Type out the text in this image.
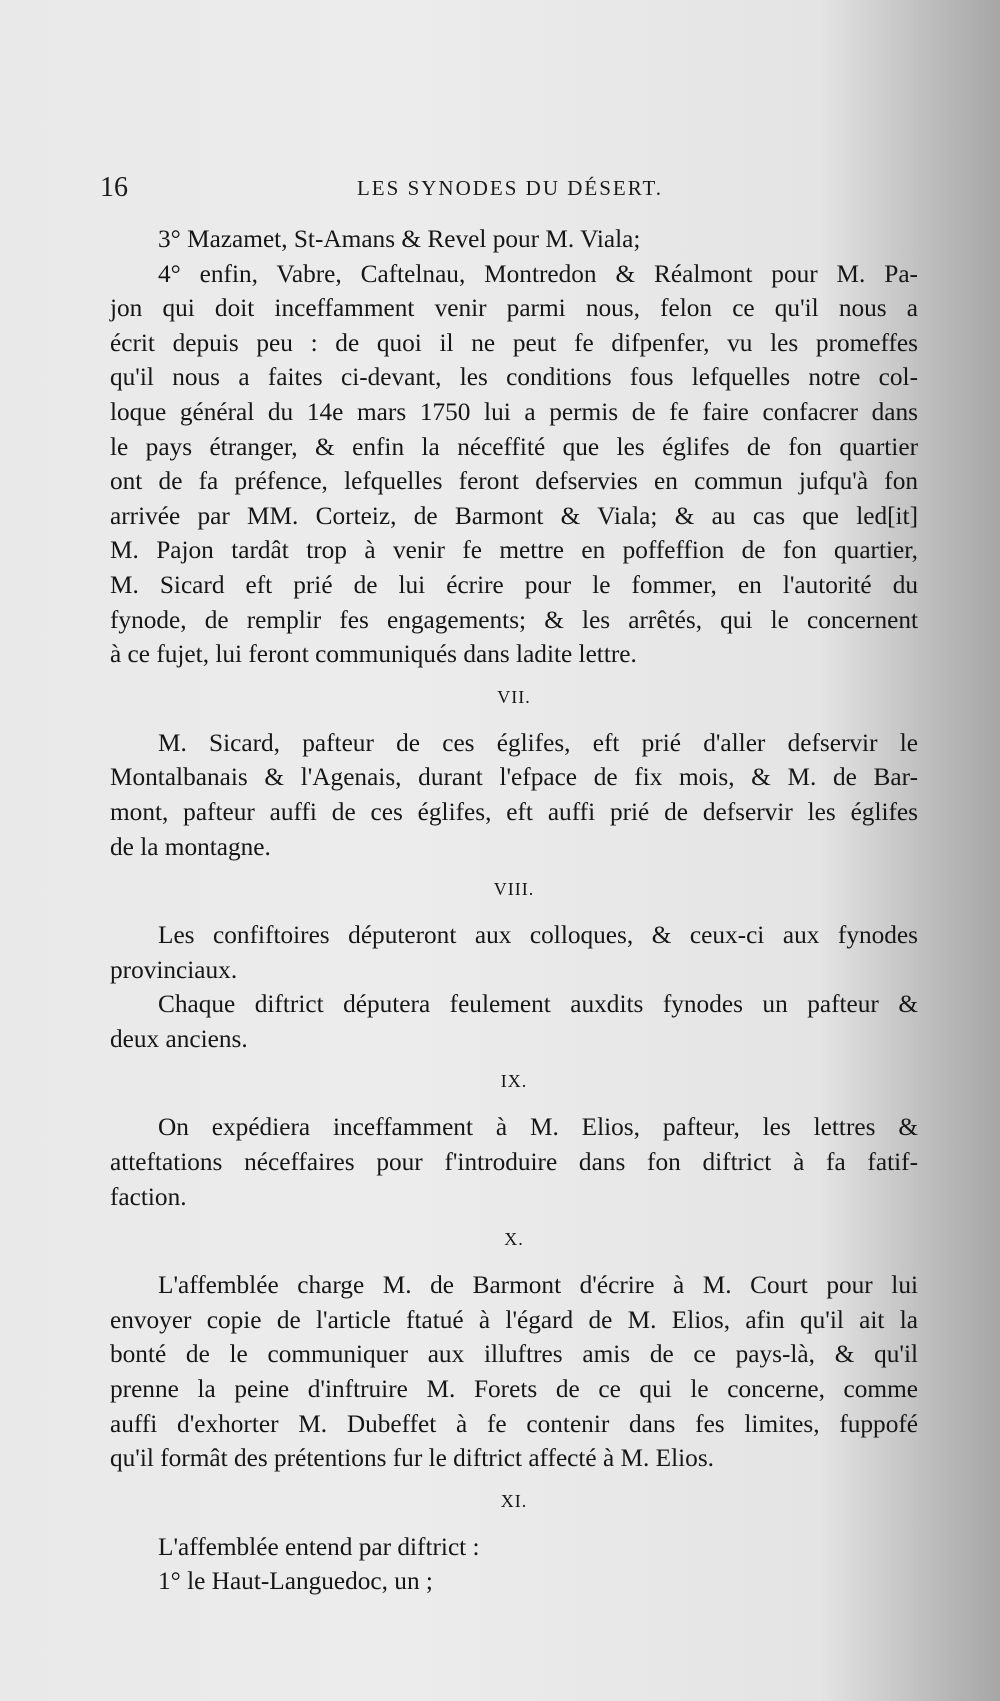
16	LES SYNODES DU DÉSERT.
3° Mazamet, St-Amans & Revel pour M. Viala;
4° enfin, Vabre, Caftelnau, Montredon & Réalmont pour M. Pa-
jon qui doit inceffamment venir parmi nous, felon ce qu'il nous a
écrit depuis peu : de quoi il ne peut fe difpenfer, vu les promeffes
qu'il nous a faites ci-devant, les conditions fous lefquelles notre col-
loque général du 14e mars 1750 lui a permis de fe faire confacrer dans
le pays étranger, & enfin la néceffité que les églifes de fon quartier
ont de fa préfence, lefquelles feront defservies en commun jufqu'à fon
arrivée par MM. Corteiz, de Barmont & Viala; & au cas que led[it]
M. Pajon tardât trop à venir fe mettre en poffeffion de fon quartier,
M. Sicard eft prié de lui écrire pour le fommer, en l'autorité du
fynode, de remplir fes engagements; & les arrêtés, qui le concernent
à ce fujet, lui feront communiqués dans ladite lettre.
VII.
M. Sicard, pafteur de ces églifes, eft prié d'aller defservir le
Montalbanais & l'Agenais, durant l'efpace de fix mois, & M. de Bar-
mont, pafteur auffi de ces églifes, eft auffi prié de defservir les églifes
de la montagne.
VIII.
Les confiftoires députeront aux colloques, & ceux-ci aux fynodes
provinciaux.
Chaque diftrict députera feulement auxdits fynodes un pafteur &
deux anciens.
IX.
On expédiera inceffamment à M. Elios, pafteur, les lettres &
atteftations néceffaires pour f'introduire dans fon diftrict à fa fatif-
faction.
X.
L'affemblée charge M. de Barmont d'écrire à M. Court pour lui
envoyer copie de l'article ftatué à l'égard de M. Elios, afin qu'il ait la
bonté de le communiquer aux illuftres amis de ce pays-là, & qu'il
prenne la peine d'inftruire M. Forets de ce qui le concerne, comme
auffi d'exhorter M. Dubeffet à fe contenir dans fes limites, fuppofé
qu'il formât des prétentions fur le diftrict affecté à M. Elios.
XI.
L'affemblée entend par diftrict :
1° le Haut-Languedoc, un ;
